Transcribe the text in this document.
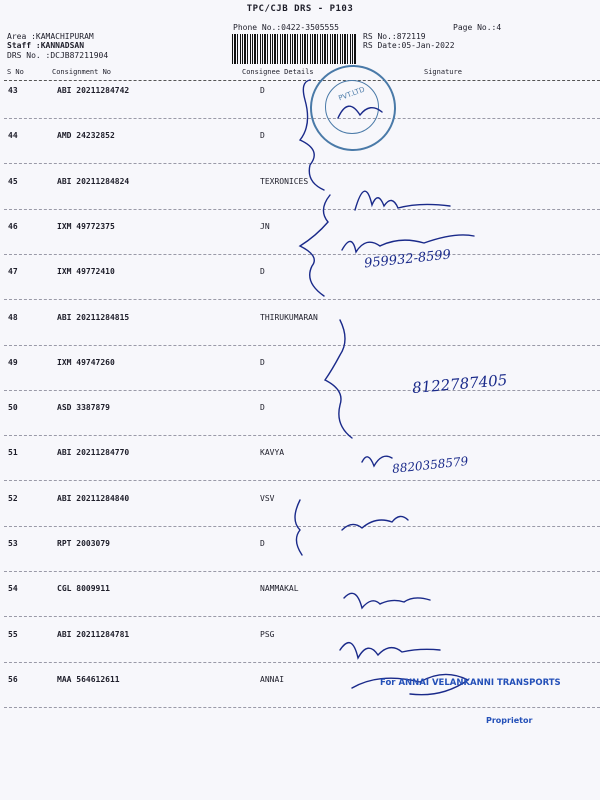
TPC/CJB DRS - P103
Phone No.:0422-3505555	Page No.:4
Area :KAMACHIPURAM
Staff :KANNADSAN
DRS No. :DCJB87211904
RS No.:872119
RS Date:05-Jan-2022
S No	Consignment No	Consignee Details	Signature
43	ABI 20211284742	D
44	AMD 24232852	D
45	ABI 20211284824	TEXRONICES
46	IXM 49772375	JN
47	IXM 49772410	D
48	ABI 20211284815	THIRUKUMARAN
49	IXM 49747260	D
50	ASD 3387879	D
51	ABI 20211284770	KAVYA
52	ABI 20211284840	VSV
53	RPT 2003079	D
54	CGL 8009911	NAMMAKAL
55	ABI 20211284781	PSG
56	MAA 564612611	ANNAI
PVT.LTD
959932-8599
8122787405
8820358579
For ANNAI VELANKANNI TRANSPORTS
Proprietor
